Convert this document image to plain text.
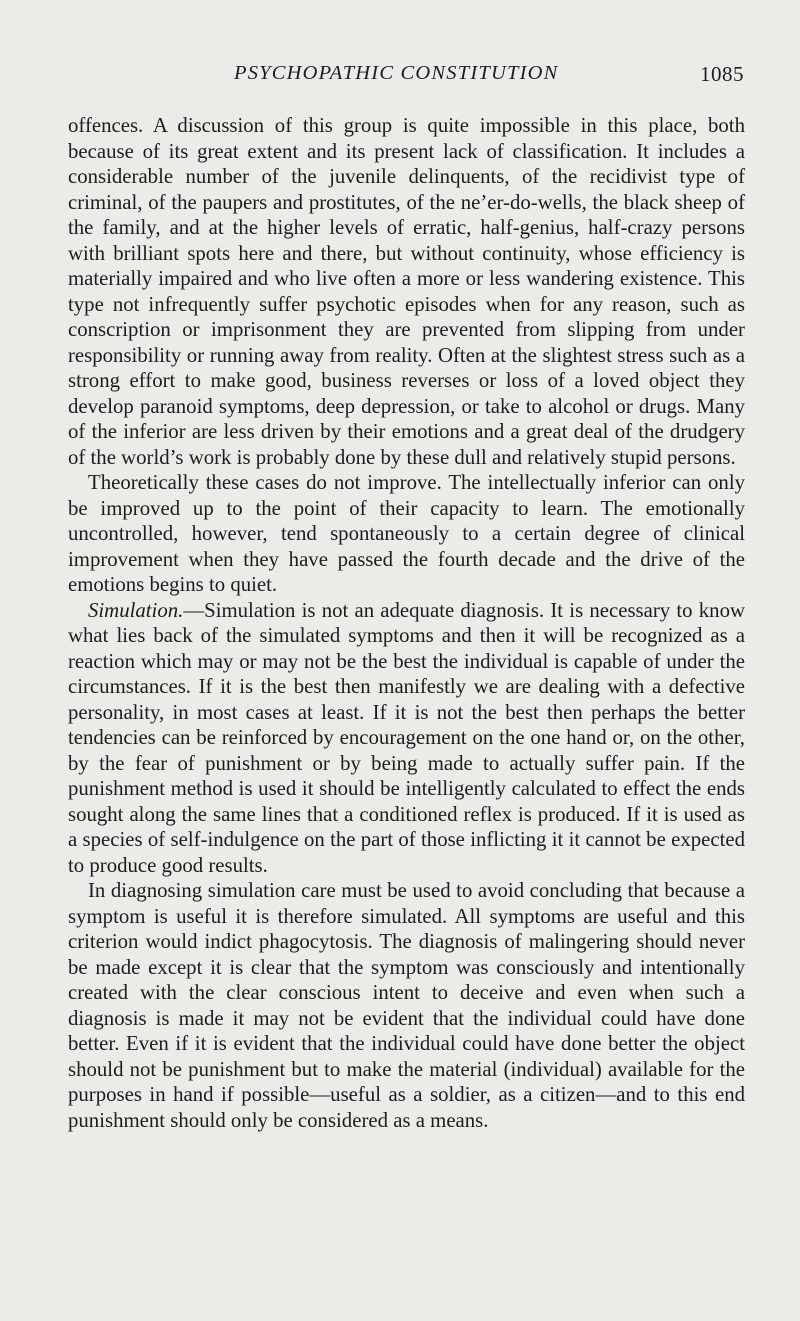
PSYCHOPATHIC CONSTITUTION	1085

offences. A discussion of this group is quite impossible in this place, both because of its great extent and its present lack of classification. It includes a considerable number of the juvenile delinquents, of the recidivist type of criminal, of the paupers and prostitutes, of the ne’er-do-wells, the black sheep of the family, and at the higher levels of erratic, half-genius, half-crazy persons with brilliant spots here and there, but without continuity, whose efficiency is materially impaired and who live often a more or less wandering existence. This type not infrequently suffer psychotic episodes when for any reason, such as conscription or imprisonment they are prevented from slipping from under responsibility or running away from reality. Often at the slightest stress such as a strong effort to make good, business reverses or loss of a loved object they develop paranoid symptoms, deep depression, or take to alcohol or drugs. Many of the inferior are less driven by their emotions and a great deal of the drudgery of the world’s work is probably done by these dull and relatively stupid persons.

Theoretically these cases do not improve. The intellectually inferior can only be improved up to the point of their capacity to learn. The emotionally uncontrolled, however, tend spontaneously to a certain degree of clinical improvement when they have passed the fourth decade and the drive of the emotions begins to quiet.

Simulation.—Simulation is not an adequate diagnosis. It is necessary to know what lies back of the simulated symptoms and then it will be recognized as a reaction which may or may not be the best the individual is capable of under the circumstances. If it is the best then manifestly we are dealing with a defective personality, in most cases at least. If it is not the best then perhaps the better tendencies can be reinforced by encouragement on the one hand or, on the other, by the fear of punishment or by being made to actually suffer pain. If the punishment method is used it should be intelligently calculated to effect the ends sought along the same lines that a conditioned reflex is produced. If it is used as a species of self-indulgence on the part of those inflicting it it cannot be expected to produce good results.

In diagnosing simulation care must be used to avoid concluding that because a symptom is useful it is therefore simulated. All symptoms are useful and this criterion would indict phagocytosis. The diagnosis of malingering should never be made except it is clear that the symptom was consciously and intentionally created with the clear conscious intent to deceive and even when such a diagnosis is made it may not be evident that the individual could have done better. Even if it is evident that the individual could have done better the object should not be punishment but to make the material (individual) available for the purposes in hand if possible—useful as a soldier, as a citizen—and to this end punishment should only be considered as a means.
